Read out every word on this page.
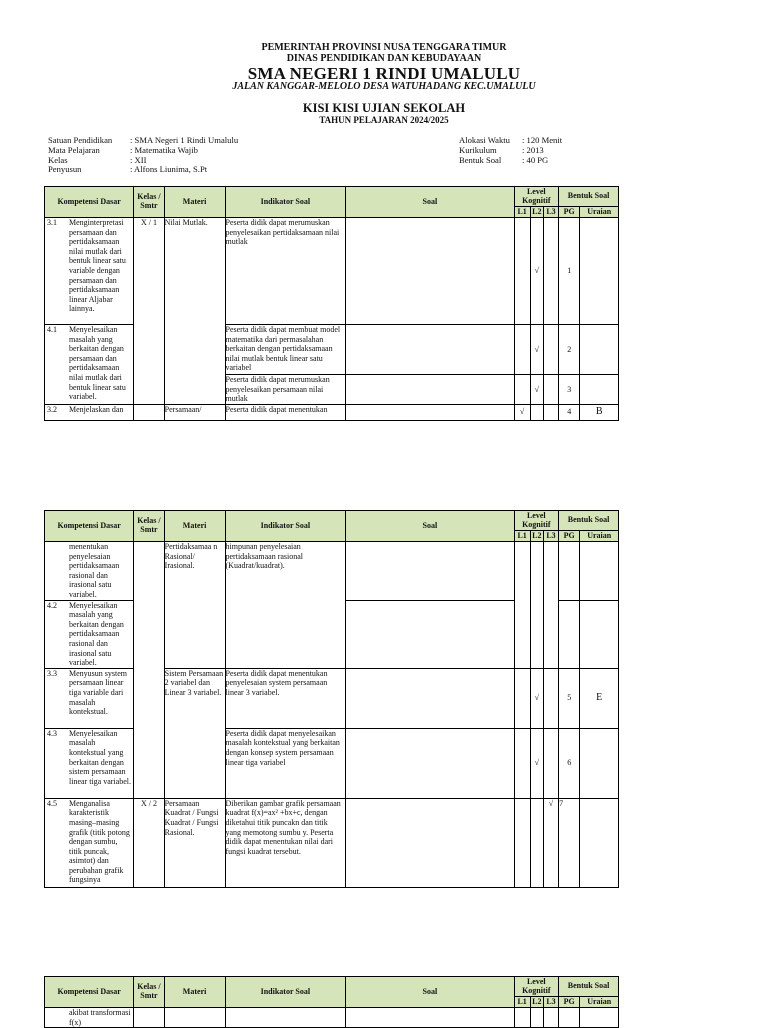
PEMERINTAH PROVINSI NUSA TENGGARA TIMUR
DINAS PENDIDIKAN DAN KEBUDAYAAN
SMA NEGERI 1 RINDI UMALULU
JALAN KANGGAR-MELOLO DESA WATUHADANG KEC.UMALULU
KISI KISI UJIAN SEKOLAH
TAHUN PELAJARAN 2024/2025
Satuan Pendidikan	: SMA Negeri 1 Rindi Umalulu
Mata Pelajaran	: Matematika Wajib
Kelas	: XII
Penyusun	: Alfons Liunima, S.Pt
Alokasi Waktu	: 120 Menit
Kurikulum	: 2013
Bentuk Soal	: 40 PG
Kompetensi Dasar	Kelas / Smtr	Materi	Indikator Soal	Soal	Level Kognitif			Bentuk Soal	
					L1	L2	L3	PG	Uraian

3.1 Menginterpretasi persamaan dan pertidaksamaan nilai mutlak dari bentuk linear satu variable dengan persamaan dan pertidaksamaan linear Aljabar lainnya.	X / 1	Nilai Mutlak.	Peserta didik dapat merumuskan penyelesaikan pertidaksamaan nilai mutlak			√		1	

4.1 Menyelesaikan masalah yang berkaitan dengan persamaan dan pertidaksamaan nilai mutlak dari bentuk linear satu variabel.			Peserta didik dapat membuat model matematika dari permasalahan berkaitan dengan pertidaksamaan nilai mutlak bentuk linear satu variabel			√		2	
			Peserta didik dapat merumuskan penyelesaikan persamaan nilai mutlak			√		3	

3.2 Menjelaskan dan		Persamaan/	Peserta didik dapat menentukan		√			4	B
Kompetensi Dasar	Kelas / Smtr	Materi	Indikator Soal	Soal	Level Kognitif			Bentuk Soal	
					L1	L2	L3	PG	Uraian

menentukan penyelesaian pertidaksamaan rasional dan irasional satu variabel.		Pertidaksamaa n Rasional/ Irasional.	himpunan penyelesaian pertidaksamaan rasional (Kuadrat/kuadrat).						

4.2 Menyelesaikan masalah yang berkaitan dengan pertidaksamaan rasional dan irasional satu variabel.									

3.3 Menyusun system persamaan linear tiga variable dari masalah kontekstual.		Sistem Persamaan 2 variabel dan Linear 3 variabel.	Peserta didik dapat menentukan penyelesaian system persamaan linear 3 variabel.			√		5	E

4.3 Menyelesaikan masalah kontekstual yang berkaitan dengan sistem persamaan linear tiga variabel.			Peserta didik dapat menyelesaikan masalah kontekstual yang berkaitan dengan konsep system persamaan linear tiga variabel			√		6	

4.5 Menganalisa karakteristik masing–masing grafik (titik potong dengan sumbu, titik puncak, asimtot) dan perubahan grafik fungsinya	X / 2	Persamaan Kuadrat / Fungsi Kuadrat / Fungsi Rasional.	Diberikan gambar grafik persamaan kuadrat f(x)=ax² +bx+c, dengan diketahui titik puncakn dan titik yang memotong sumbu y. Peserta didik dapat menentukan nilai dari fungsi kuadrat tersebut.				√	7	
Kompetensi Dasar	Kelas / Smtr	Materi	Indikator Soal	Soal	Level Kognitif			Bentuk Soal	
					L1	L2	L3	PG	Uraian

akibat transformasi f(x)									
